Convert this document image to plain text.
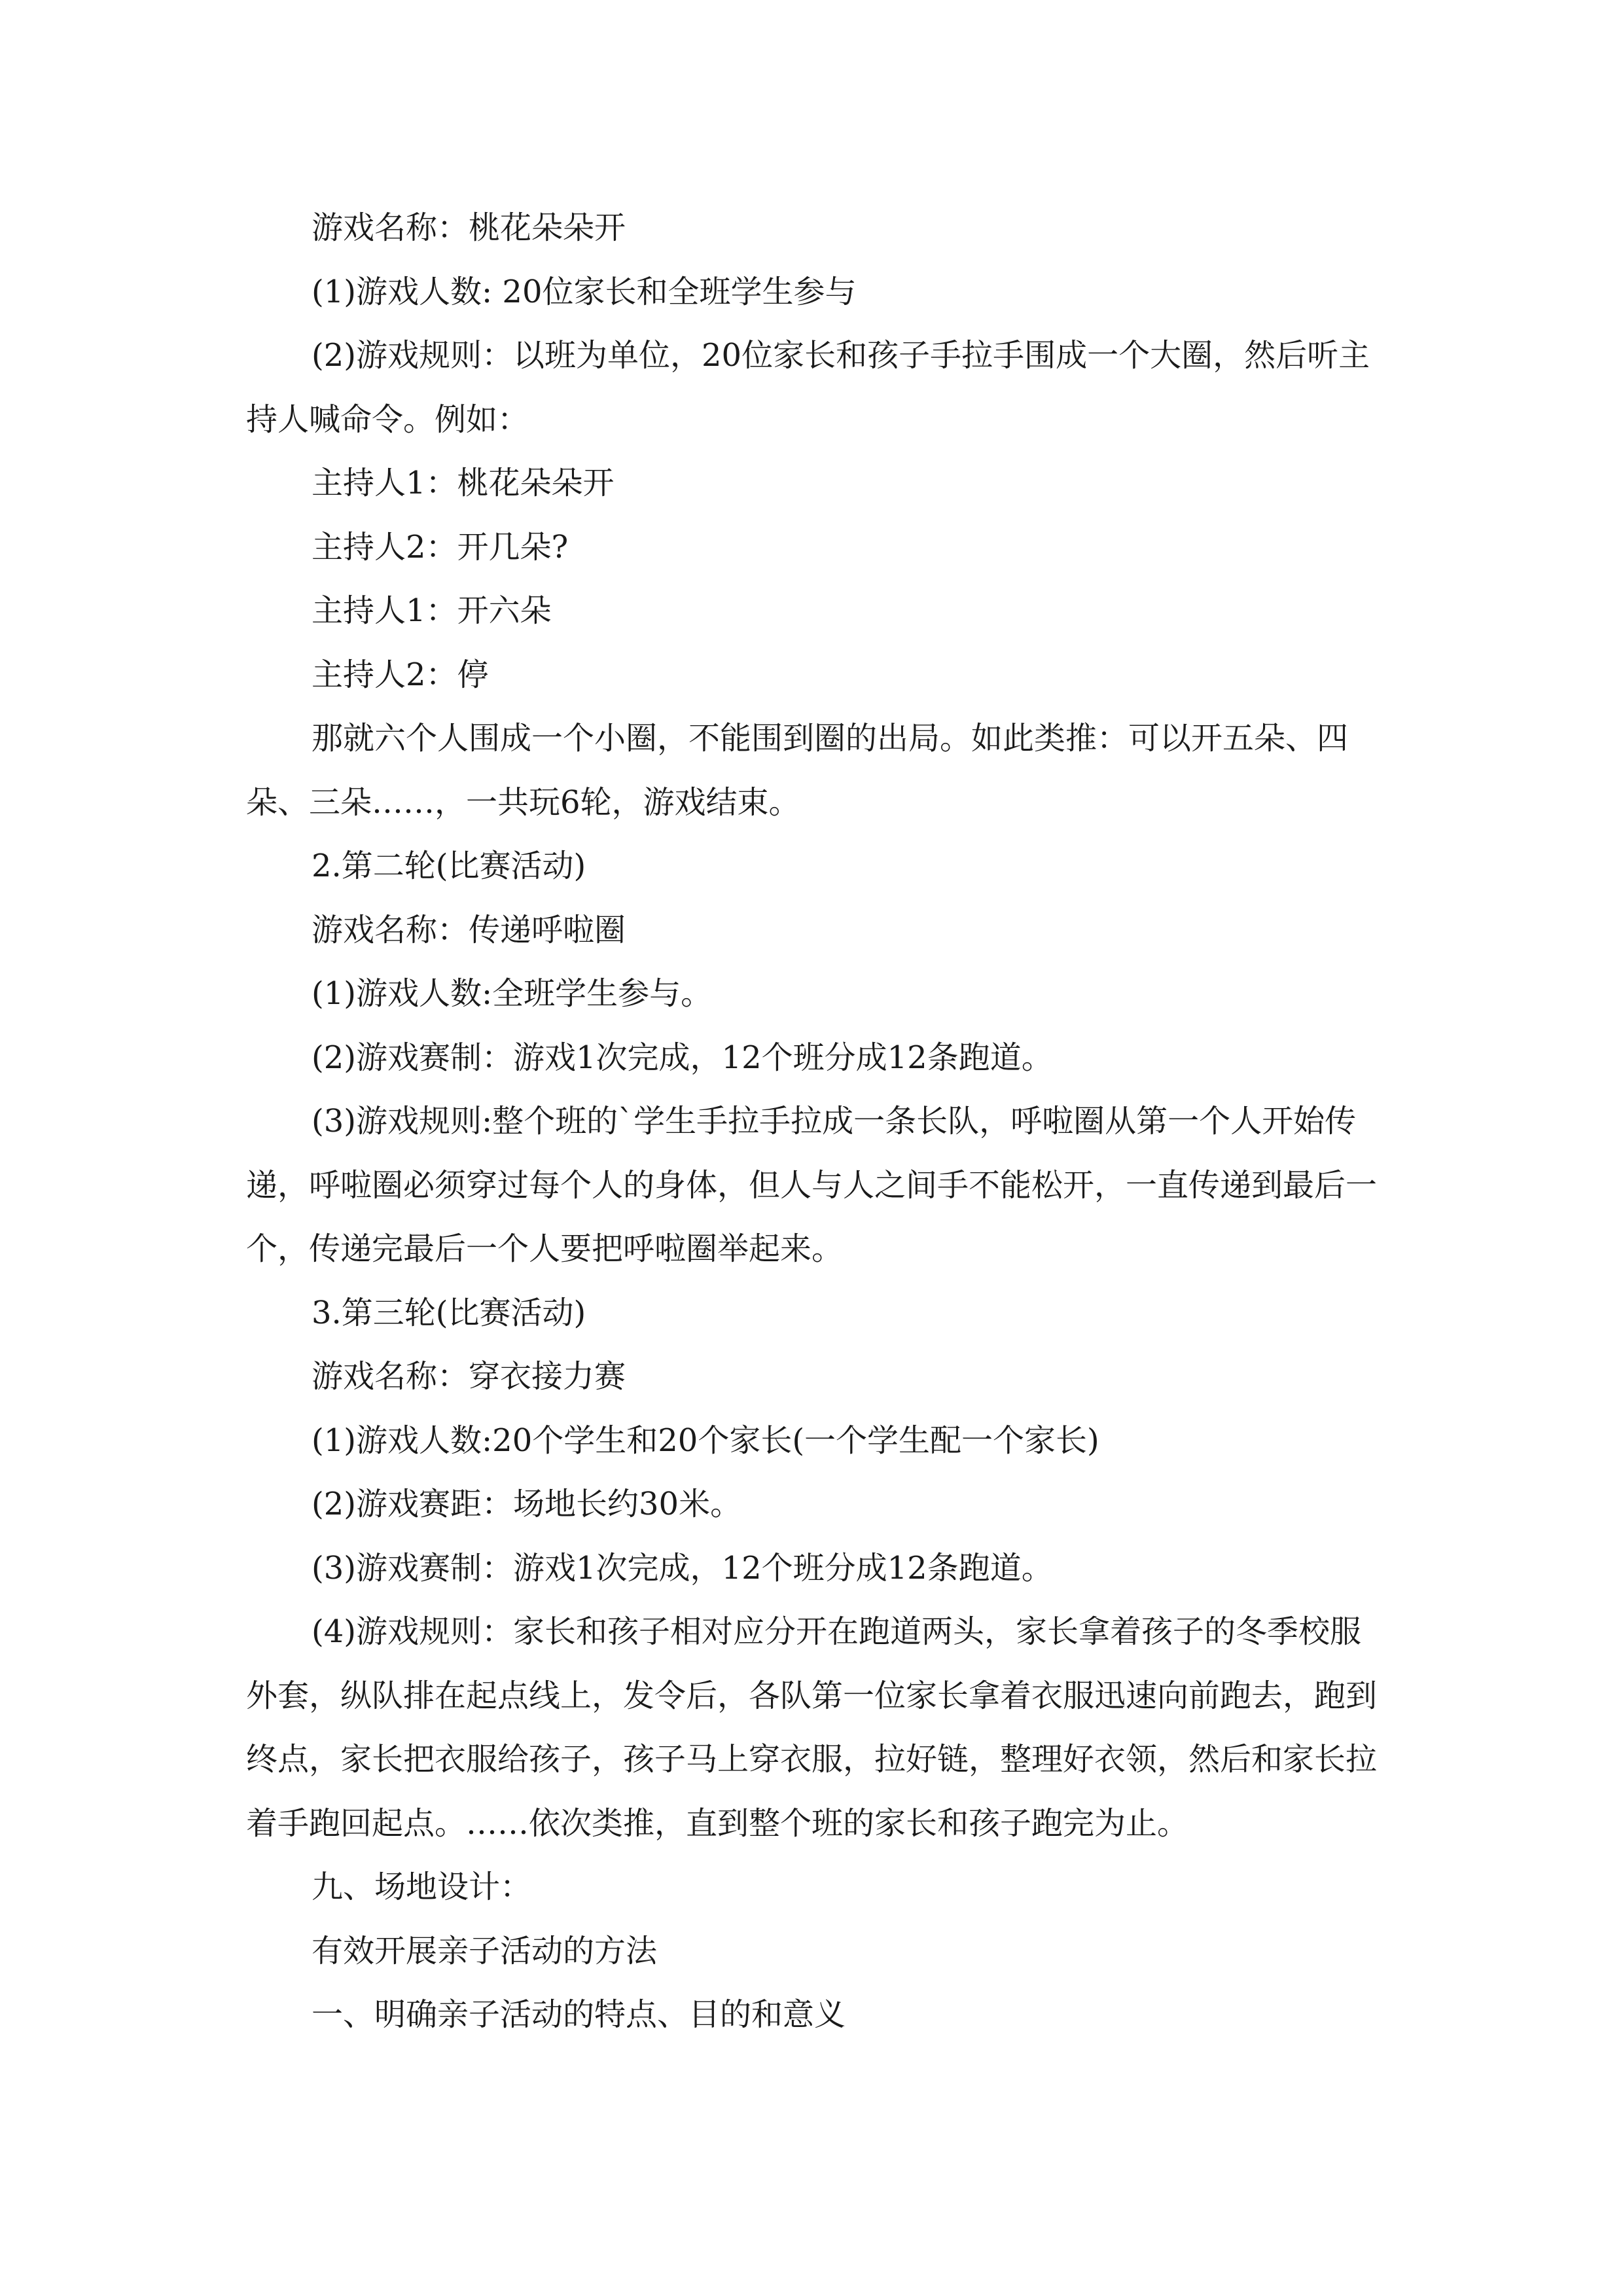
游戏名称：桃花朵朵开

(1)游戏人数: 20位家长和全班学生参与

(2)游戏规则：以班为单位，20位家长和孩子手拉手围成一个大圈，然后听主持人喊命令。例如：

主持人1：桃花朵朵开

主持人2：开几朵?

主持人1：开六朵

主持人2：停

那就六个人围成一个小圈，不能围到圈的出局。如此类推：可以开五朵、四朵、三朵……，一共玩6轮，游戏结束。

2.第二轮(比赛活动)

游戏名称：传递呼啦圈

(1)游戏人数:全班学生参与。

(2)游戏赛制：游戏1次完成，12个班分成12条跑道。

(3)游戏规则:整个班的`学生手拉手拉成一条长队，呼啦圈从第一个人开始传递，呼啦圈必须穿过每个人的身体，但人与人之间手不能松开，一直传递到最后一个，传递完最后一个人要把呼啦圈举起来。

3.第三轮(比赛活动)

游戏名称：穿衣接力赛

(1)游戏人数:20个学生和20个家长(一个学生配一个家长)

(2)游戏赛距：场地长约30米。

(3)游戏赛制：游戏1次完成，12个班分成12条跑道。

(4)游戏规则：家长和孩子相对应分开在跑道两头，家长拿着孩子的冬季校服外套，纵队排在起点线上，发令后，各队第一位家长拿着衣服迅速向前跑去，跑到终点，家长把衣服给孩子，孩子马上穿衣服，拉好链，整理好衣领，然后和家长拉着手跑回起点。……依次类推，直到整个班的家长和孩子跑完为止。

九、场地设计：

有效开展亲子活动的方法

一、明确亲子活动的特点、目的和意义
